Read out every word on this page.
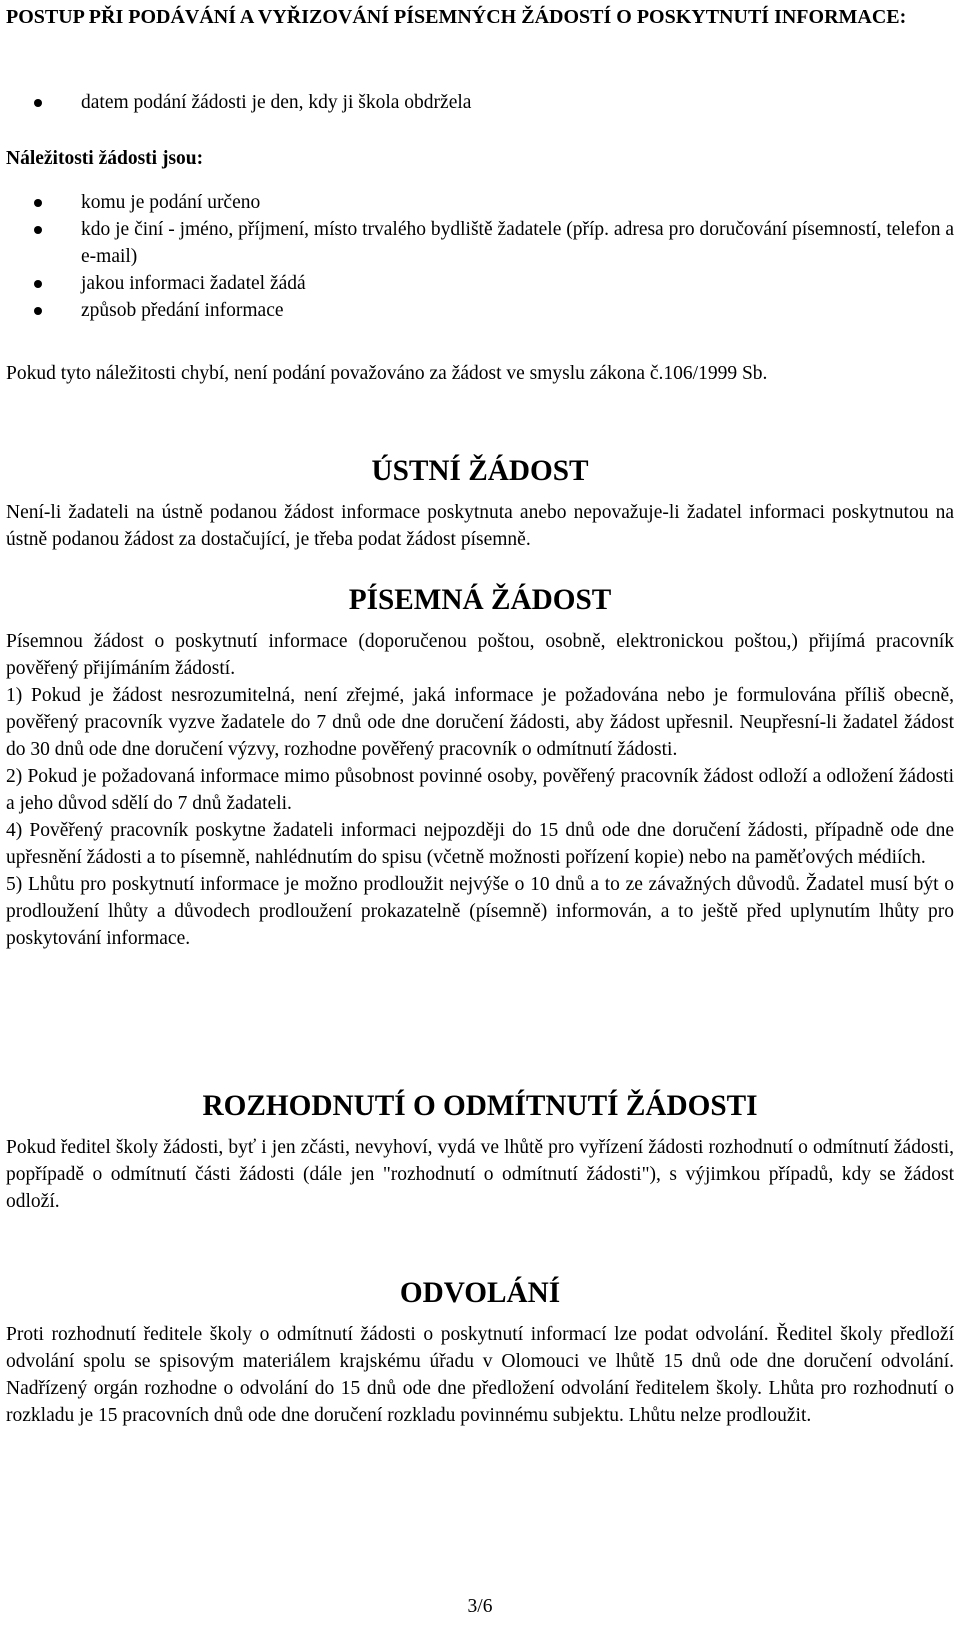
POSTUP PŘI PODÁVÁNÍ A VYŘIZOVÁNÍ PÍSEMNÝCH ŽÁDOSTÍ O POSKYTNUTÍ INFORMACE:
datem podání žádosti je den, kdy ji škola obdržela

Náležitosti žádosti jsou:

komu je podání určeno
kdo je činí - jméno, příjmení, místo trvalého bydliště žadatele (příp. adresa pro doručování písemností, telefon a e-mail)
jakou informaci žadatel žádá
způsob předání informace

Pokud tyto náležitosti chybí, není podání považováno za žádost ve smyslu zákona č.106/1999 Sb.

ÚSTNÍ ŽÁDOST

Není-li žadateli na ústně podanou žádost informace poskytnuta anebo nepovažuje-li žadatel informaci poskytnutou na ústně podanou žádost za dostačující, je třeba podat žádost písemně.

PÍSEMNÁ ŽÁDOST

Písemnou žádost o poskytnutí informace (doporučenou poštou, osobně, elektronickou poštou,) přijímá pracovník pověřený přijímáním žádostí.

1) Pokud je žádost nesrozumitelná, není zřejmé, jaká informace je požadována nebo je formulována příliš obecně, pověřený pracovník vyzve žadatele do 7 dnů ode dne doručení žádosti, aby žádost upřesnil. Neupřesní-li žadatel žádost do 30 dnů ode dne doručení výzvy, rozhodne pověřený pracovník o odmítnutí žádosti.

2) Pokud je požadovaná informace mimo působnost povinné osoby, pověřený pracovník žádost odloží a odložení žádosti a jeho důvod sdělí do 7 dnů žadateli.

4) Pověřený pracovník poskytne žadateli informaci nejpozději do 15 dnů ode dne doručení žádosti, případně ode dne upřesnění žádosti a to písemně, nahlédnutím do spisu (včetně možnosti pořízení kopie) nebo na paměťových médiích.

5) Lhůtu pro poskytnutí informace je možno prodloužit nejvýše o 10 dnů a to ze závažných důvodů. Žadatel musí být o prodloužení lhůty a důvodech prodloužení prokazatelně (písemně) informován, a to ještě před uplynutím lhůty pro poskytování informace.

ROZHODNUTÍ O ODMÍTNUTÍ ŽÁDOSTI

Pokud ředitel školy žádosti, byť i jen zčásti, nevyhoví, vydá ve lhůtě pro vyřízení žádosti rozhodnutí o odmítnutí žádosti, popřípadě o odmítnutí části žádosti (dále jen "rozhodnutí o odmítnutí žádosti"), s výjimkou případů, kdy se žádost odloží.

ODVOLÁNÍ

Proti rozhodnutí ředitele školy o odmítnutí žádosti o poskytnutí informací lze podat odvolání. Ředitel školy předloží odvolání spolu se spisovým materiálem krajskému úřadu v Olomouci ve lhůtě 15 dnů ode dne doručení odvolání. Nadřízený orgán rozhodne o odvolání do 15 dnů ode dne předložení odvolání ředitelem školy. Lhůta pro rozhodnutí o rozkladu je 15 pracovních dnů ode dne doručení rozkladu povinnému subjektu. Lhůtu nelze prodloužit.

3/6
